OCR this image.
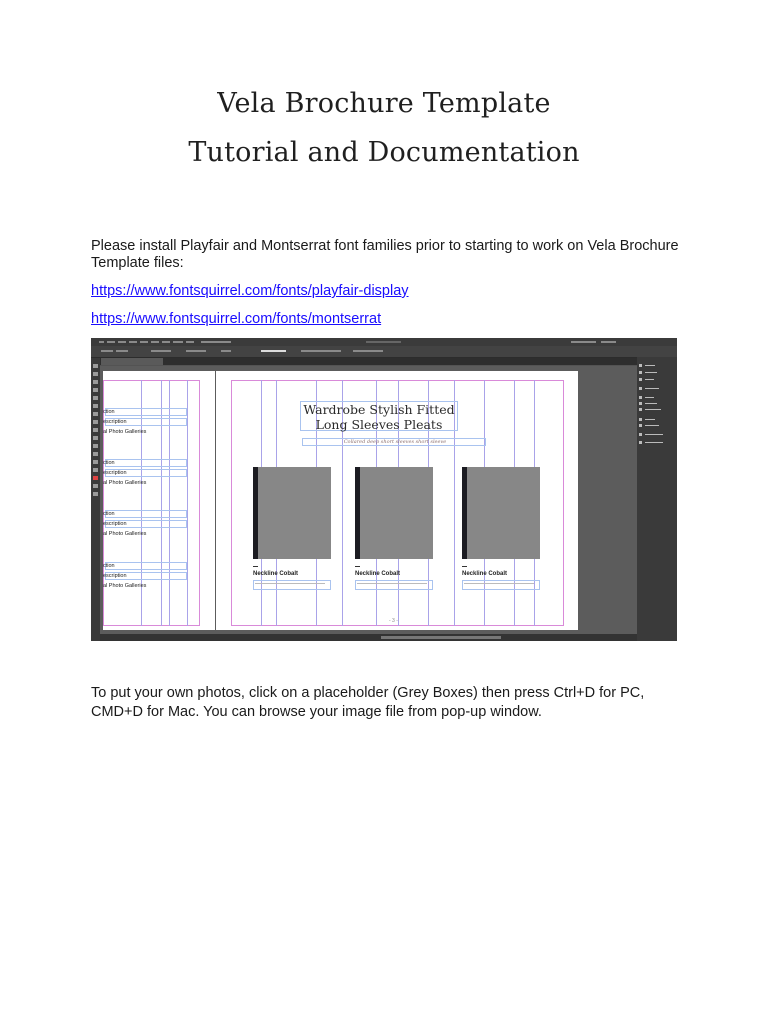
Vela Brochure Template
Tutorial and Documentation
Please install Playfair and Montserrat font families prior to starting to work on Vela Brochure Template files:
https://www.fontsquirrel.com/fonts/playfair-display
https://www.fontsquirrel.com/fonts/montserrat
ction
escription
al Photo Galleries
ction
escription
al Photo Galleries
ction
escription
al Photo Galleries
ction
escription
al Photo Galleries
Wardrobe Stylish Fitted
Long Sleeves Pleats
Collared deep short sleeves short sleeve
Neckline Cobalt	Neckline Cobalt	Neckline Cobalt
- 3 -
To put your own photos, click on a placeholder (Grey Boxes) then press Ctrl+D for PC, CMD+D for Mac. You can browse your image file from pop-up window.
